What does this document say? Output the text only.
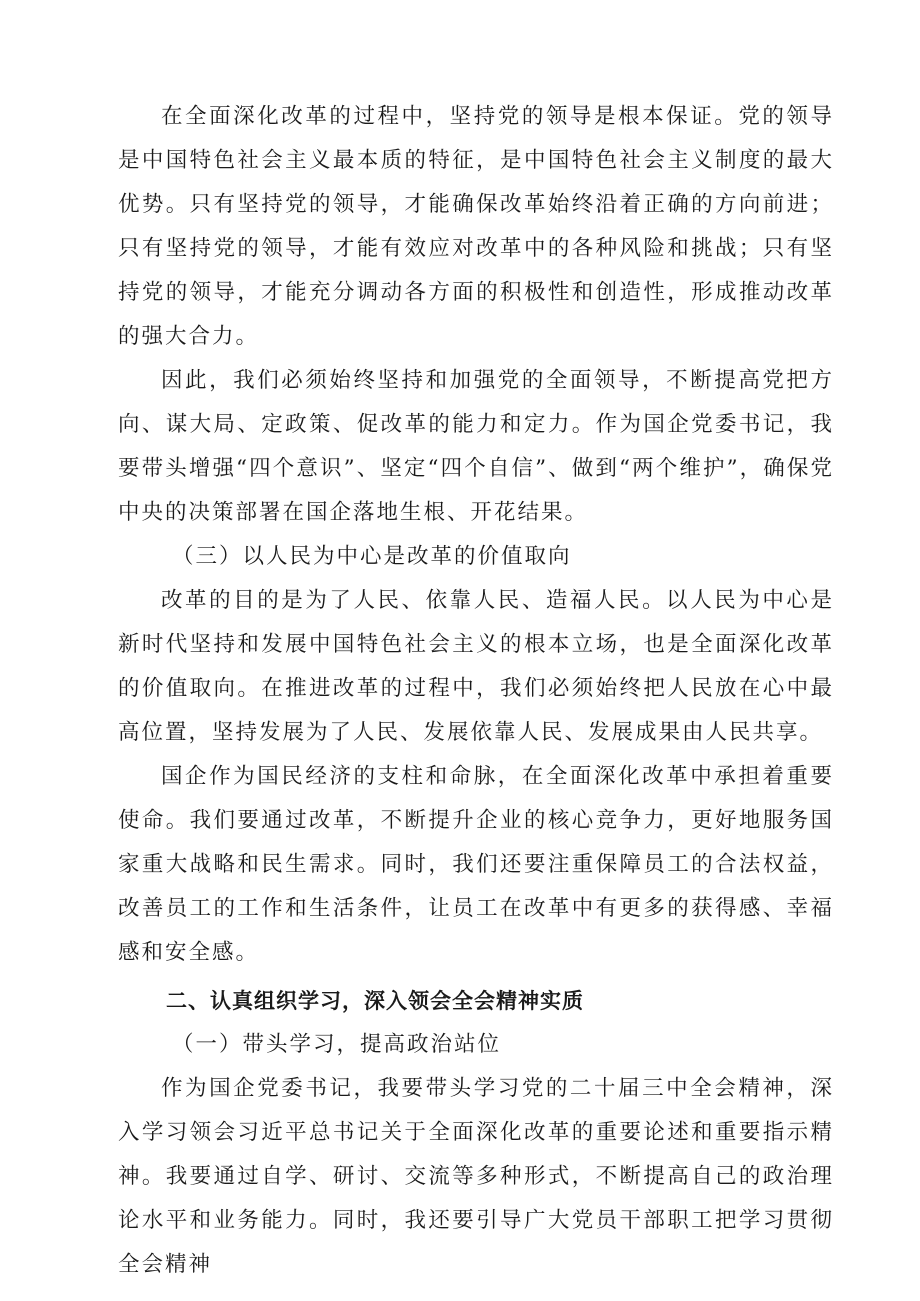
在全面深化改革的过程中，坚持党的领导是根本保证。党的领导是中国特色社会主义最本质的特征，是中国特色社会主义制度的最大优势。只有坚持党的领导，才能确保改革始终沿着正确的方向前进；只有坚持党的领导，才能有效应对改革中的各种风险和挑战；只有坚持党的领导，才能充分调动各方面的积极性和创造性，形成推动改革的强大合力。

因此，我们必须始终坚持和加强党的全面领导，不断提高党把方向、谋大局、定政策、促改革的能力和定力。作为国企党委书记，我要带头增强“四个意识”、坚定“四个自信”、做到“两个维护”，确保党中央的决策部署在国企落地生根、开花结果。

（三）以人民为中心是改革的价值取向

改革的目的是为了人民、依靠人民、造福人民。以人民为中心是新时代坚持和发展中国特色社会主义的根本立场，也是全面深化改革的价值取向。在推进改革的过程中，我们必须始终把人民放在心中最高位置，坚持发展为了人民、发展依靠人民、发展成果由人民共享。

国企作为国民经济的支柱和命脉，在全面深化改革中承担着重要使命。我们要通过改革，不断提升企业的核心竞争力，更好地服务国家重大战略和民生需求。同时，我们还要注重保障员工的合法权益，改善员工的工作和生活条件，让员工在改革中有更多的获得感、幸福感和安全感。

二、认真组织学习，深入领会全会精神实质

（一）带头学习，提高政治站位

作为国企党委书记，我要带头学习党的二十届三中全会精神，深入学习领会习近平总书记关于全面深化改革的重要论述和重要指示精神。我要通过自学、研讨、交流等多种形式，不断提高自己的政治理论水平和业务能力。同时，我还要引导广大党员干部职工把学习贯彻全会精神
